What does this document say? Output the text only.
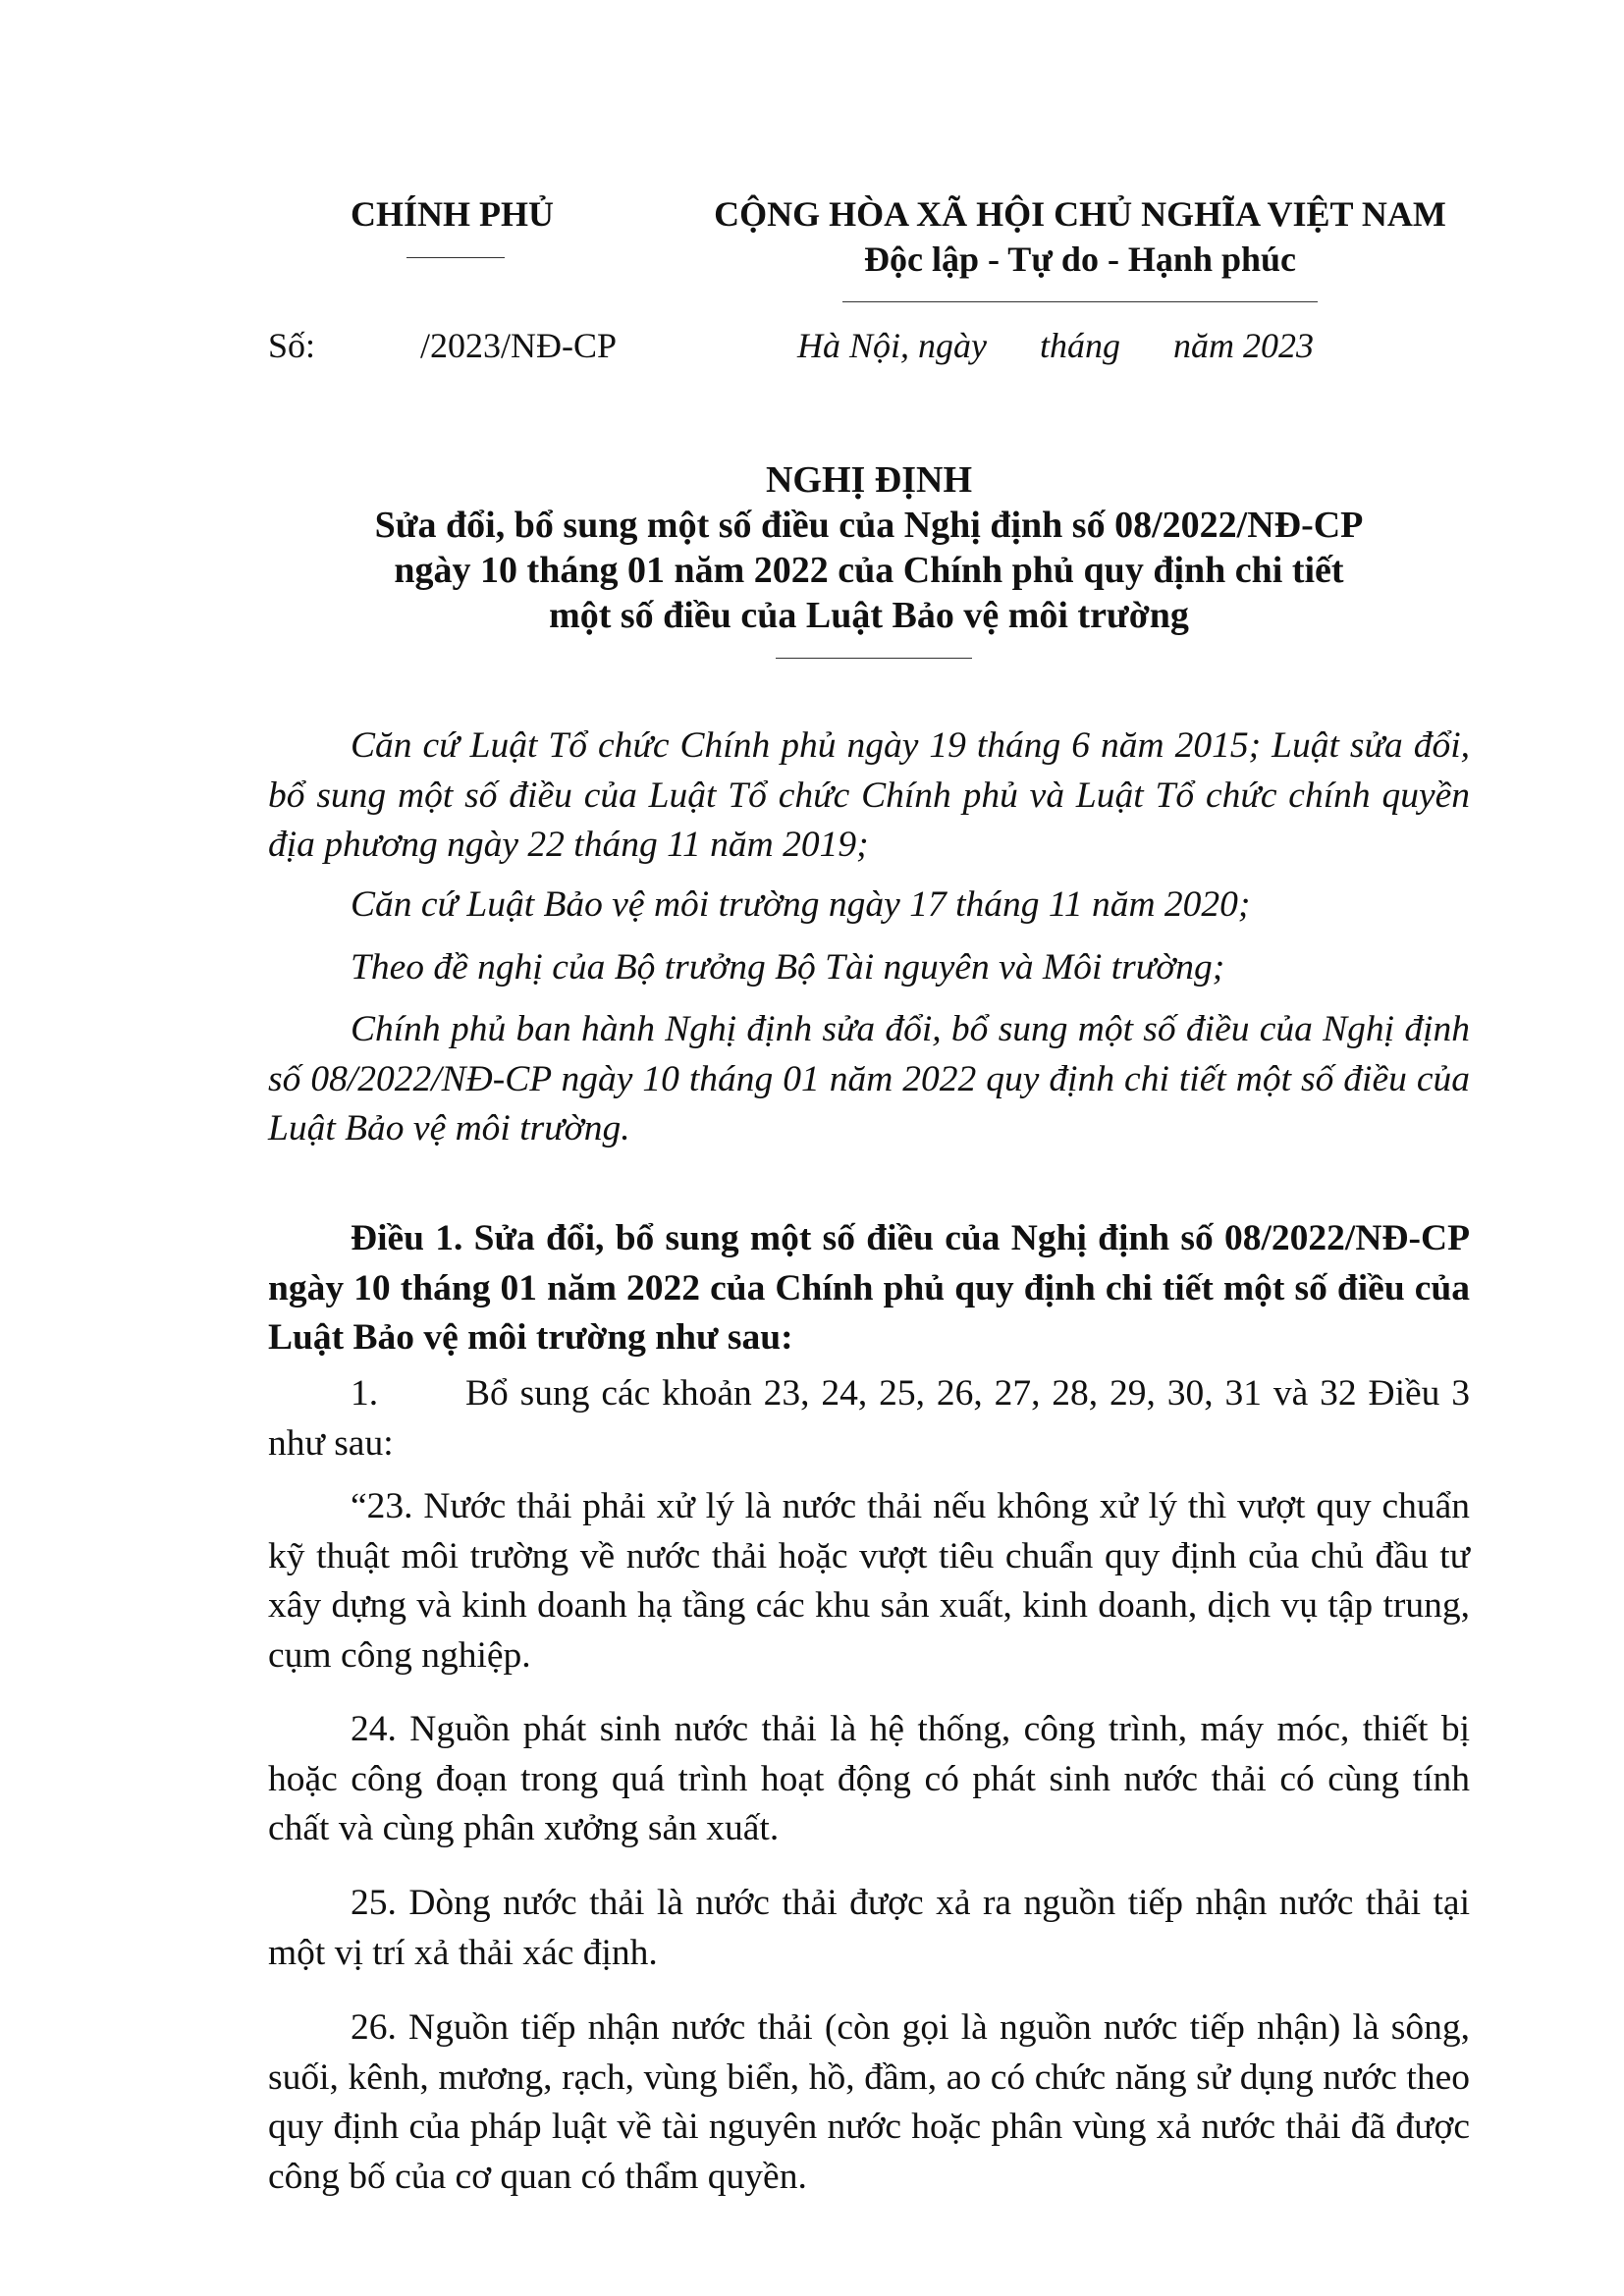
CHÍNH PHỦ	CỘNG HÒA XÃ HỘI CHỦ NGHĨA VIỆT NAM
Độc lập - Tự do - Hạnh phúc
Số:	/2023/NĐ-CP	Hà Nội, ngày      tháng      năm 2023
NGHỊ ĐỊNH
Sửa đổi, bổ sung một số điều của Nghị định số 08/2022/NĐ-CP
ngày 10 tháng 01 năm 2022 của Chính phủ quy định chi tiết
một số điều của Luật Bảo vệ môi trường

Căn cứ Luật Tổ chức Chính phủ ngày 19 tháng 6 năm 2015; Luật sửa đổi, bổ sung một số điều của Luật Tổ chức Chính phủ và Luật Tổ chức chính quyền địa phương ngày 22 tháng 11 năm 2019;

Căn cứ Luật Bảo vệ môi trường ngày 17 tháng 11 năm 2020;

Theo đề nghị của Bộ trưởng Bộ Tài nguyên và Môi trường;

Chính phủ ban hành Nghị định sửa đổi, bổ sung một số điều của Nghị định số 08/2022/NĐ-CP ngày 10 tháng 01 năm 2022 quy định chi tiết một số điều của Luật Bảo vệ môi trường.

Điều 1. Sửa đổi, bổ sung một số điều của Nghị định số 08/2022/NĐ-CP ngày 10 tháng 01 năm 2022 của Chính phủ quy định chi tiết một số điều của Luật Bảo vệ môi trường như sau:

1. Bổ sung các khoản 23, 24, 25, 26, 27, 28, 29, 30, 31 và 32 Điều 3
như sau:

“23. Nước thải phải xử lý là nước thải nếu không xử lý thì vượt quy chuẩn kỹ thuật môi trường về nước thải hoặc vượt tiêu chuẩn quy định của chủ đầu tư xây dựng và kinh doanh hạ tầng các khu sản xuất, kinh doanh, dịch vụ tập trung, cụm công nghiệp.

24. Nguồn phát sinh nước thải là hệ thống, công trình, máy móc, thiết bị hoặc công đoạn trong quá trình hoạt động có phát sinh nước thải có cùng tính chất và cùng phân xưởng sản xuất.

25. Dòng nước thải là nước thải được xả ra nguồn tiếp nhận nước thải tại một vị trí xả thải xác định.

26. Nguồn tiếp nhận nước thải (còn gọi là nguồn nước tiếp nhận) là sông, suối, kênh, mương, rạch, vùng biển, hồ, đầm, ao có chức năng sử dụng nước theo quy định của pháp luật về tài nguyên nước hoặc phân vùng xả nước thải đã được công bố của cơ quan có thẩm quyền.
